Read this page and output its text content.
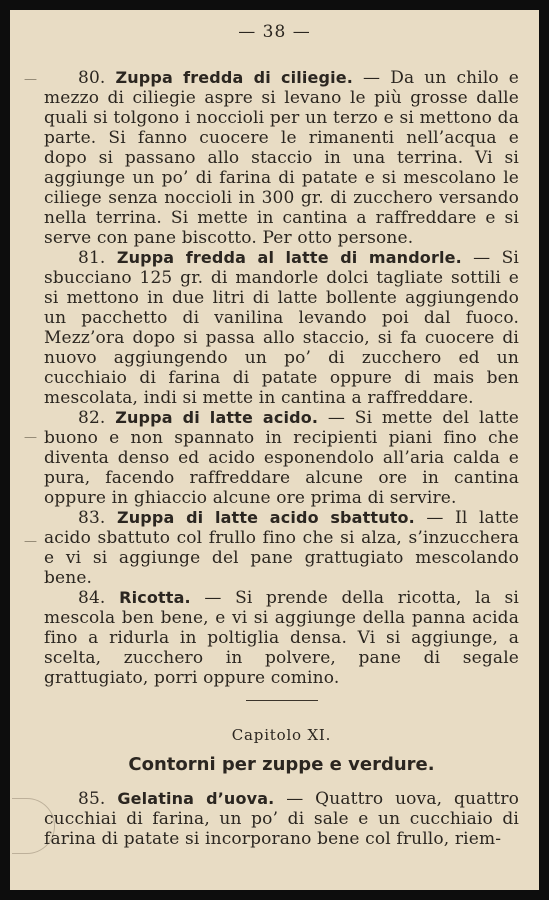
— 38 —
—
—
—

80. Zuppa fredda di ciliegie. — Da un chilo e mezzo di ciliegie aspre si levano le più grosse dalle quali si tolgono i noccioli per un terzo e si mettono da parte. Si fanno cuocere le rimanenti nell’acqua e dopo si passano allo staccio in una terrina. Vi si aggiunge un po’ di farina di patate e si mescolano le ciliege senza noccioli in 300 gr. di zucchero versando nella terrina. Si mette in cantina a raffreddare e si serve con pane biscotto. Per otto persone.

81. Zuppa fredda al latte di mandorle. — Si sbucciano 125 gr. di mandorle dolci tagliate sottili e si mettono in due litri di latte bollente aggiungendo un pacchetto di vanilina levando poi dal fuoco. Mezz’ora dopo si passa allo staccio, si fa cuocere di nuovo aggiungendo un po’ di zucchero ed un cucchiaio di farina di patate oppure di mais ben mescolata, indi si mette in cantina a raffreddare.

82. Zuppa di latte acido. — Si mette del latte buono e non spannato in recipienti piani fino che diventa denso ed acido esponendolo all’aria calda e pura, facendo raffreddare alcune ore in cantina oppure in ghiaccio alcune ore prima di servire.

83. Zuppa di latte acido sbattuto. — Il latte acido sbattuto col frullo fino che si alza, s’inzucchera e vi si aggiunge del pane grattugiato mescolando bene.

84. Ricotta. — Si prende della ricotta, la si mescola ben bene, e vi si aggiunge della panna acida fino a ridurla in poltiglia densa. Vi si aggiunge, a scelta, zucchero in polvere, pane di segale grattugiato, porri oppure comino.

Capitolo XI.
Contorni per zuppe e verdure.

85. Gelatina d’uova. — Quattro uova, quattro cucchiai di farina, un po’ di sale e un cucchiaio di farina di patate si incorporano bene col frullo, riem-
